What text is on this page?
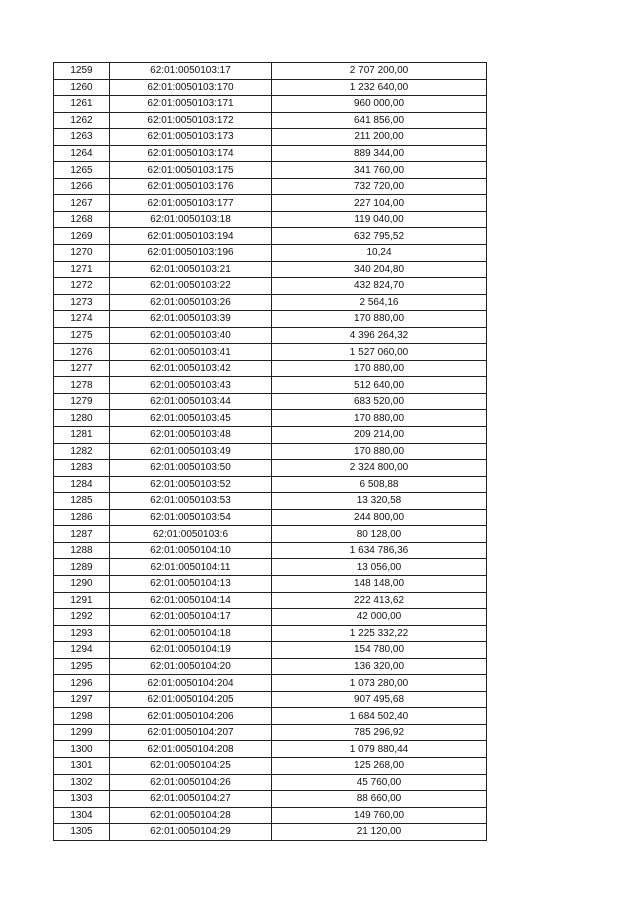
1259	62:01:0050103:17	2 707 200,00
1260	62:01:0050103:170	1 232 640,00
1261	62:01:0050103:171	960 000,00
1262	62:01:0050103:172	641 856,00
1263	62:01:0050103:173	211 200,00
1264	62:01:0050103:174	889 344,00
1265	62:01:0050103:175	341 760,00
1266	62:01:0050103:176	732 720,00
1267	62:01:0050103:177	227 104,00
1268	62:01:0050103:18	119 040,00
1269	62:01:0050103:194	632 795,52
1270	62:01:0050103:196	10,24
1271	62:01:0050103:21	340 204,80
1272	62:01:0050103:22	432 824,70
1273	62:01:0050103:26	2 564,16
1274	62:01:0050103:39	170 880,00
1275	62:01:0050103:40	4 396 264,32
1276	62:01:0050103:41	1 527 060,00
1277	62:01:0050103:42	170 880,00
1278	62:01:0050103:43	512 640,00
1279	62:01:0050103:44	683 520,00
1280	62:01:0050103:45	170 880,00
1281	62:01:0050103:48	209 214,00
1282	62:01:0050103:49	170 880,00
1283	62:01:0050103:50	2 324 800,00
1284	62:01:0050103:52	6 508,88
1285	62:01:0050103:53	13 320,58
1286	62:01:0050103:54	244 800,00
1287	62:01:0050103:6	80 128,00
1288	62:01:0050104:10	1 634 786,36
1289	62:01:0050104:11	13 056,00
1290	62:01:0050104:13	148 148,00
1291	62:01:0050104:14	222 413,62
1292	62:01:0050104:17	42 000,00
1293	62:01:0050104:18	1 225 332,22
1294	62:01:0050104:19	154 780,00
1295	62:01:0050104:20	136 320,00
1296	62:01:0050104:204	1 073 280,00
1297	62:01:0050104:205	907 495,68
1298	62:01:0050104:206	1 684 502,40
1299	62:01:0050104:207	785 296,92
1300	62:01:0050104:208	1 079 880,44
1301	62:01:0050104:25	125 268,00
1302	62:01:0050104:26	45 760,00
1303	62:01:0050104:27	88 660,00
1304	62:01:0050104:28	149 760,00
1305	62:01:0050104:29	21 120,00
